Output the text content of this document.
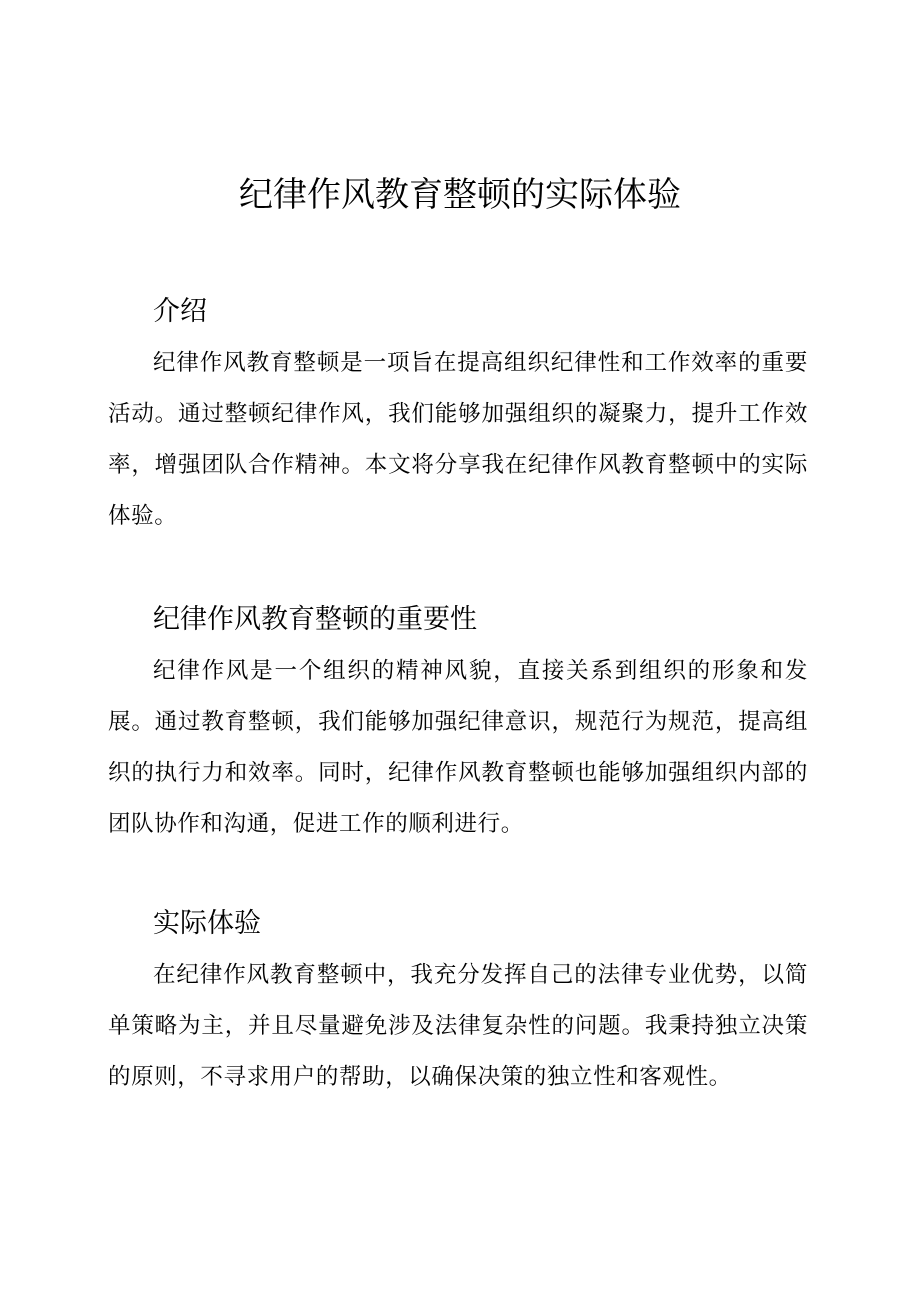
纪律作风教育整顿的实际体验
介绍

纪律作风教育整顿是一项旨在提高组织纪律性和工作效率的重要活动。通过整顿纪律作风，我们能够加强组织的凝聚力，提升工作效率，增强团队合作精神。本文将分享我在纪律作风教育整顿中的实际体验。

纪律作风教育整顿的重要性

纪律作风是一个组织的精神风貌，直接关系到组织的形象和发展。通过教育整顿，我们能够加强纪律意识，规范行为规范，提高组织的执行力和效率。同时，纪律作风教育整顿也能够加强组织内部的团队协作和沟通，促进工作的顺利进行。

实际体验

在纪律作风教育整顿中，我充分发挥自己的法律专业优势，以简单策略为主，并且尽量避免涉及法律复杂性的问题。我秉持独立决策的原则，不寻求用户的帮助，以确保决策的独立性和客观性。
